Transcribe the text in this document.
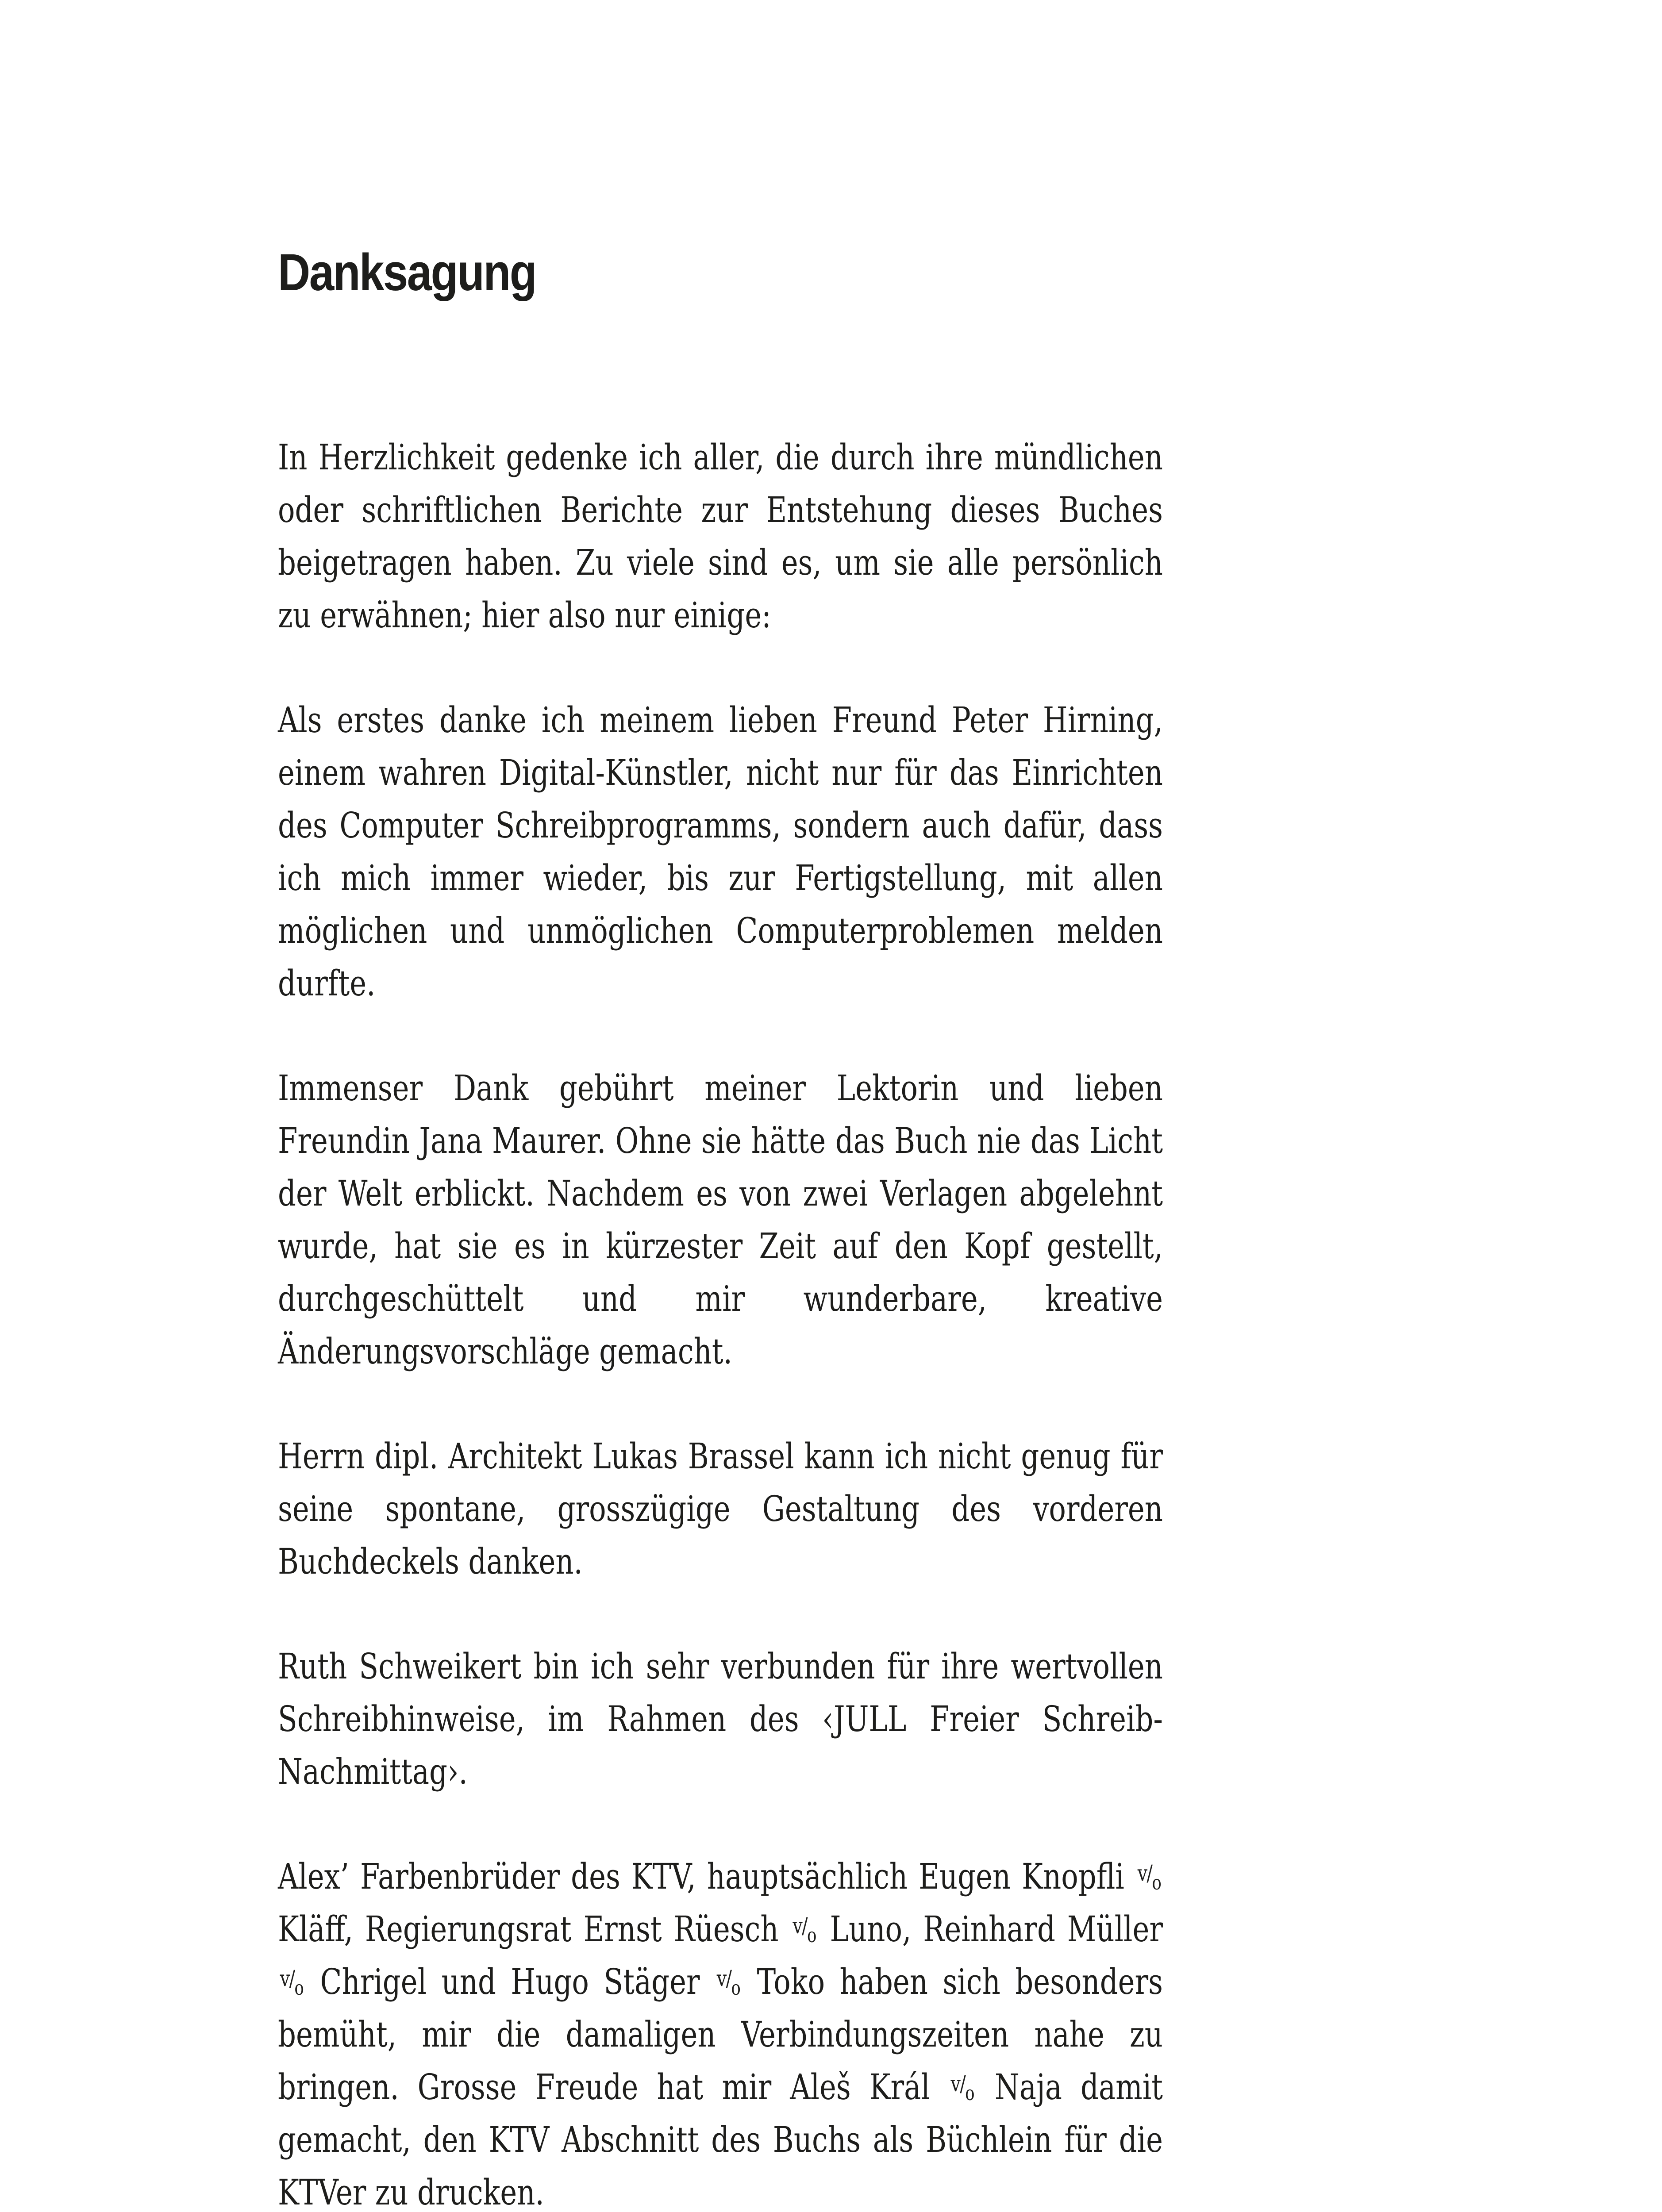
Danksagung

In Herzlichkeit gedenke ich aller, die durch ihre mündlichen oder schriftlichen Berichte zur Entstehung dieses Buches beigetragen haben. Zu viele sind es, um sie alle persönlich zu erwähnen; hier also nur einige:

Als erstes danke ich meinem lieben Freund Peter Hirning, einem wahren Digital-Künstler, nicht nur für das Einrichten des Computer Schreibprogramms, sondern auch dafür, dass ich mich immer wieder, bis zur Fertigstellung, mit allen möglichen und unmöglichen Computerproblemen melden durfte.

Immenser Dank gebührt meiner Lektorin und lieben Freundin Jana Maurer. Ohne sie hätte das Buch nie das Licht der Welt erblickt. Nachdem es von zwei Verlagen abgelehnt wurde, hat sie es in kürzester Zeit auf den Kopf gestellt, durchgeschüttelt und mir wunderbare, kreative Änderungsvorschläge gemacht.

Herrn dipl. Architekt Lukas Brassel kann ich nicht genug für seine spontane, grosszügige Gestaltung des vorderen Buchdeckels danken.

Ruth Schweikert bin ich sehr verbunden für ihre wertvollen Schreibhinweise, im Rahmen des ‹JULL Freier Schreib-Nachmittag›.

Alex’ Farbenbrüder des KTV, hauptsächlich Eugen Knopfli v/o Kläff, Regierungsrat Ernst Rüesch v/o Luno, Reinhard Müller v/o Chrigel und Hugo Stäger v/o Toko haben sich besonders bemüht, mir die damaligen Verbindungszeiten nahe zu bringen. Grosse Freude hat mir Aleš Král v/o Naja damit gemacht, den KTV Abschnitt des Buchs als Büchlein für die KTVer zu drucken.
